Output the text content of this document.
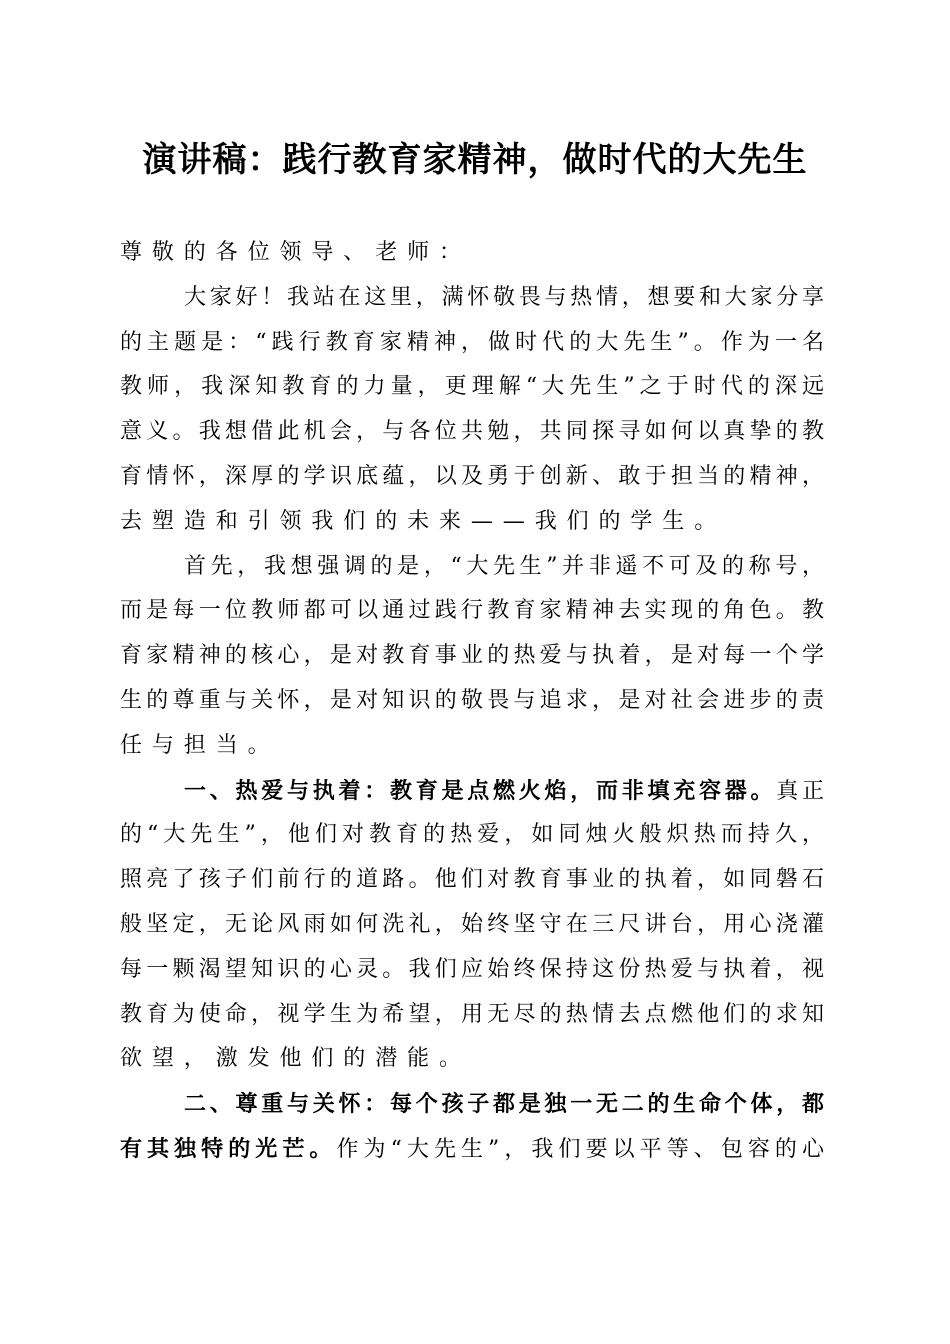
演讲稿：践行教育家精神，做时代的大先生
尊敬的各位领导、老师：
大家好！我站在这里，满怀敬畏与热情，想要和大家分享
的主题是：“践行教育家精神，做时代的大先生”。作为一名
教师，我深知教育的力量，更理解“大先生”之于时代的深远
意义。我想借此机会，与各位共勉，共同探寻如何以真挚的教
育情怀，深厚的学识底蕴，以及勇于创新、敢于担当的精神，
去塑造和引领我们的未来——我们的学生。
首先，我想强调的是，“大先生”并非遥不可及的称号，
而是每一位教师都可以通过践行教育家精神去实现的角色。教
育家精神的核心，是对教育事业的热爱与执着，是对每一个学
生的尊重与关怀，是对知识的敬畏与追求，是对社会进步的责
任与担当。
一、热爱与执着：教育是点燃火焰，而非填充容器。真正
的“大先生”，他们对教育的热爱，如同烛火般炽热而持久，
照亮了孩子们前行的道路。他们对教育事业的执着，如同磐石
般坚定，无论风雨如何洗礼，始终坚守在三尺讲台，用心浇灌
每一颗渴望知识的心灵。我们应始终保持这份热爱与执着，视
教育为使命，视学生为希望，用无尽的热情去点燃他们的求知
欲望，激发他们的潜能。
二、尊重与关怀：每个孩子都是独一无二的生命个体，都
有其独特的光芒。作为“大先生”，我们要以平等、包容的心
